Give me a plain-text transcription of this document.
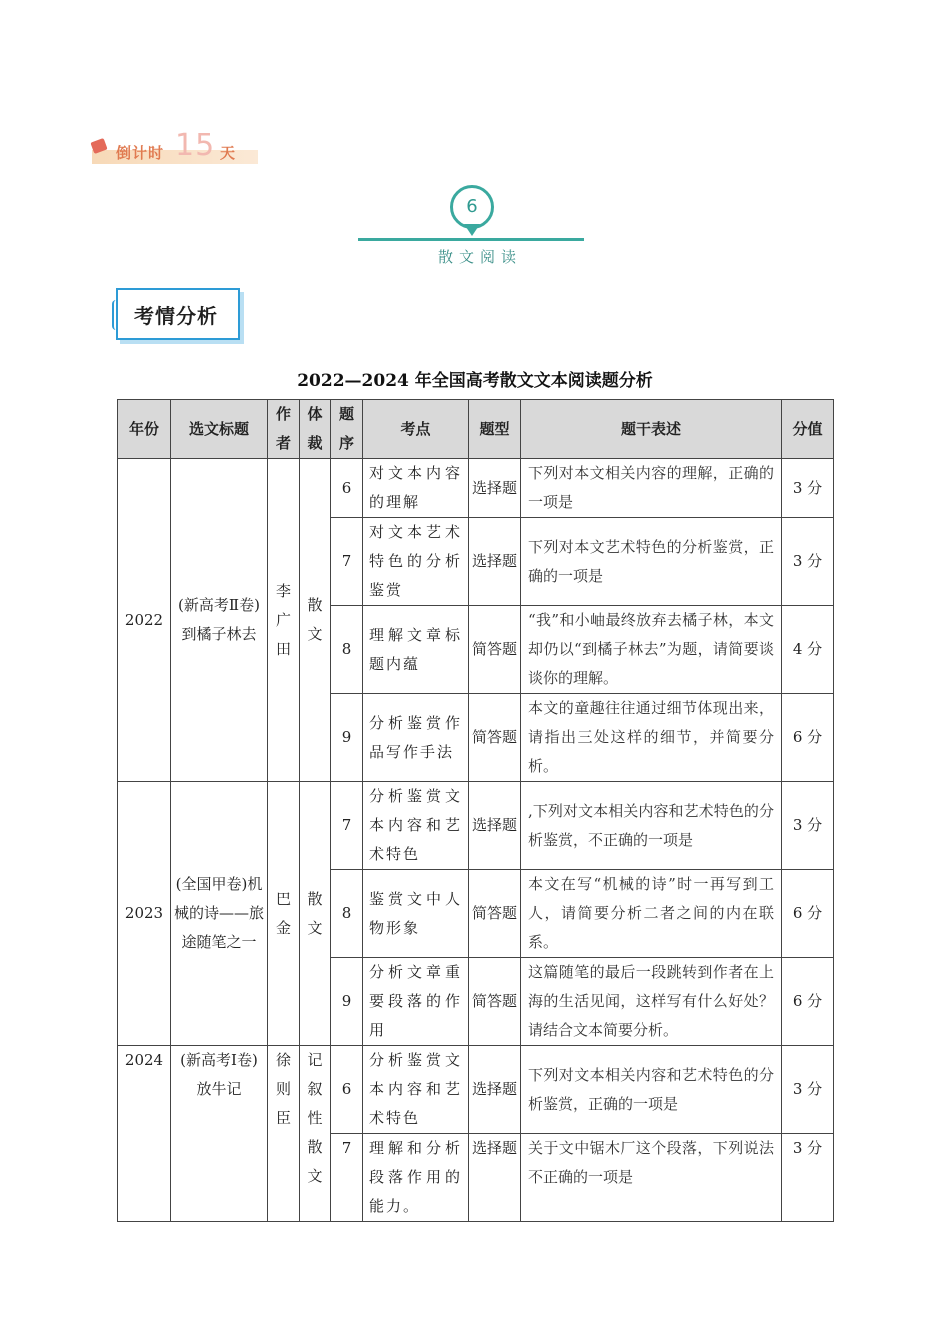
倒计时 15 天
6
散文阅读
考情分析
2022—2024 年全国高考散文文本阅读题分析
年份	选文标题	作者	体裁	题序	考点	题型	题干表述	分值
2022	(新高考Ⅱ卷)到橘子林去	李广田	散文	6	对文本内容的理解	选择题	下列对本文相关内容的理解，正确的一项是	3 分
				7	对文本艺术特色的分析鉴赏	选择题	下列对本文艺术特色的分析鉴赏，正确的一项是	3 分
				8	理解文章标题内蕴	简答题	“我”和小岫最终放弃去橘子林，本文却仍以“到橘子林去”为题，请简要谈谈你的理解。	4 分
				9	分析鉴赏作品写作手法	简答题	本文的童趣往往通过细节体现出来，请指出三处这样的细节，并简要分析。	6 分
2023	(全国甲卷)机械的诗——旅途随笔之一	巴金	散文	7	分析鉴赏文本内容和艺术特色	选择题	,下列对文本相关内容和艺术特色的分析鉴赏，不正确的一项是	3 分
				8	鉴赏文中人物形象	简答题	本文在写“机械的诗”时一再写到工人，请简要分析二者之间的内在联系。	6 分
				9	分析文章重要段落的作用	简答题	这篇随笔的最后一段跳转到作者在上海的生活见闻，这样写有什么好处？请结合文本简要分析。	6 分
2024	(新高考Ⅰ卷)放牛记	徐则臣	记叙性散文	6	分析鉴赏文本内容和艺术特色	选择题	下列对文本相关内容和艺术特色的分析鉴赏，正确的一项是	3 分
				7	理解和分析段落作用的能力。	选择题	关于文中锯木厂这个段落，下列说法不正确的一项是	3 分
